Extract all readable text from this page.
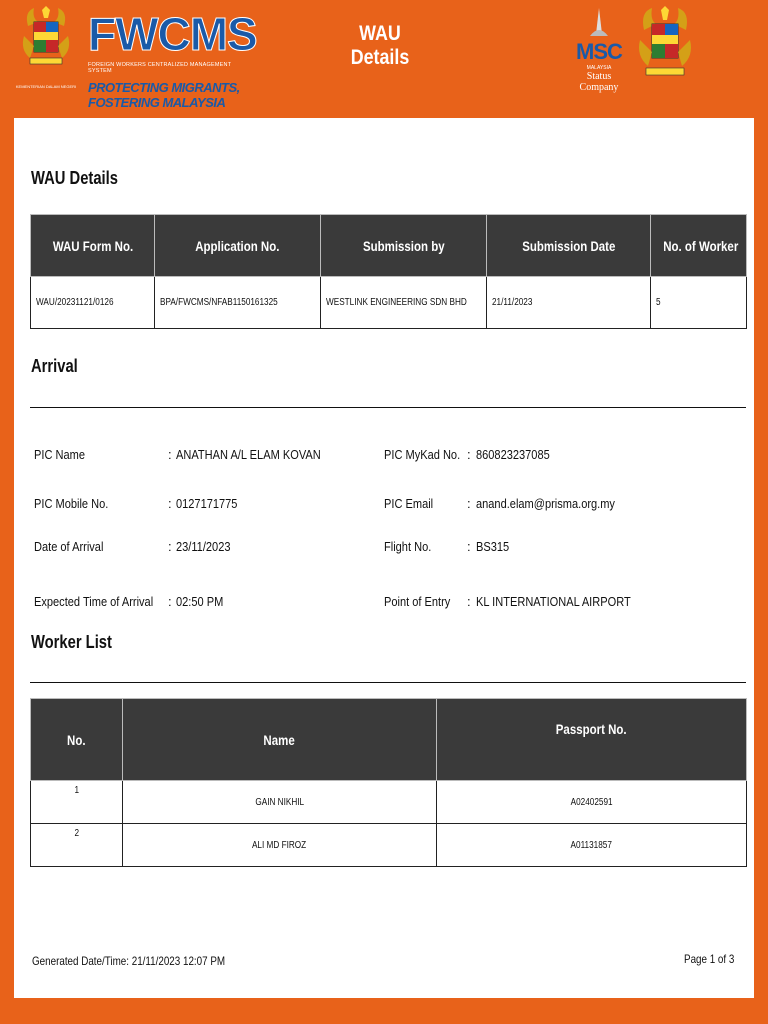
KEMENTERIAN DALAM NEGERI
FWCMS
FOREIGN WORKERS CENTRALIZED MANAGEMENT SYSTEM
PROTECTING MIGRANTS, FOSTERING MALAYSIA
WAU Details	MSC
MALAYSIA
Status Company
WAU Details
WAU Form No.	Application No.	Submission by	Submission Date	No. of Worker
WAU/20231121/0126	BPA/FWCMS/NFAB1150161325	WESTLINK ENGINEERING SDN BHD	21/11/2023	5
Arrival
PIC Name	: ANATHAN A/L ELAM KOVAN	PIC MyKad No. : 860823237085
PIC Mobile No.	: 0127171775	PIC Email	: anand.elam@prisma.org.my
Date of Arrival	: 23/11/2023	Flight No.	: BS315
Expected Time of Arrival	: 02:50 PM	Point of Entry	: KL INTERNATIONAL AIRPORT
Worker List
No.	Name	Passport No.
1	GAIN NIKHIL	A02402591
2	ALI MD FIROZ	A01131857
Generated Date/Time: 21/11/2023 12:07 PM	Page 1 of 3
